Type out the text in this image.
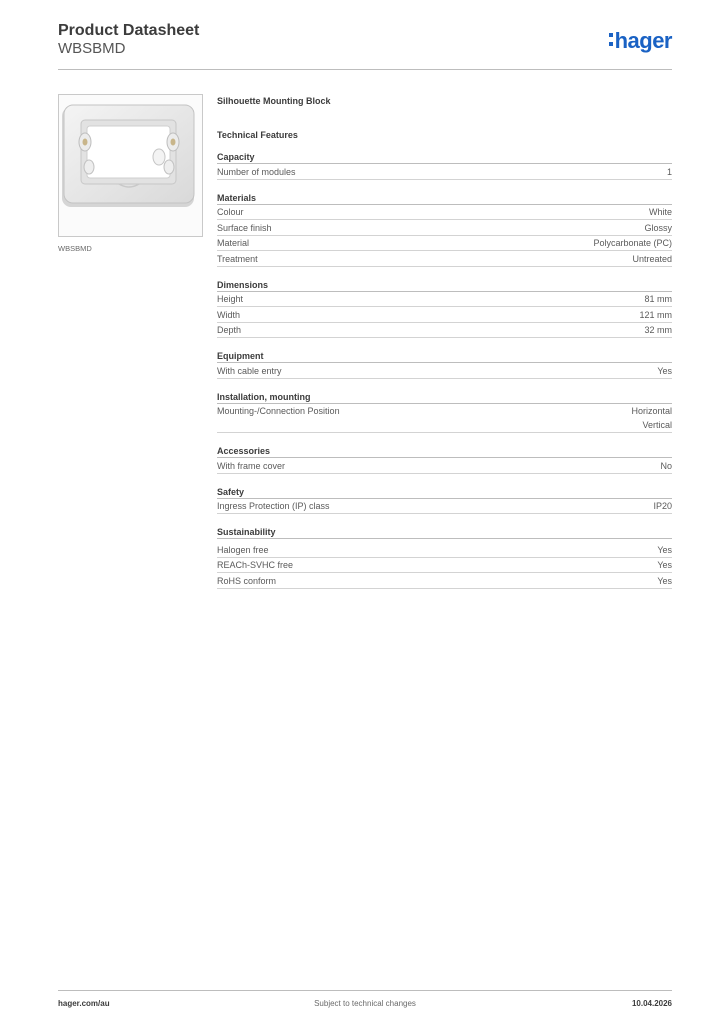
Product Datasheet
WBSBMD	hager
WBSBMD
Silhouette Mounting Block
Technical Features
Capacity
Number of modules	1
Materials
Colour	White
Surface finish	Glossy
Material	Polycarbonate (PC)
Treatment	Untreated
Dimensions
Height	81 mm
Width	121 mm
Depth	32 mm
Equipment
With cable entry	Yes
Installation, mounting
Mounting-/Connection Position	Horizontal
Vertical
Accessories
With frame cover	No
Safety
Ingress Protection (IP) class	IP20
Sustainability
Halogen free	Yes
REACh-SVHC free	Yes
RoHS conform	Yes
hager.com/au	Subject to technical changes	10.04.2026
